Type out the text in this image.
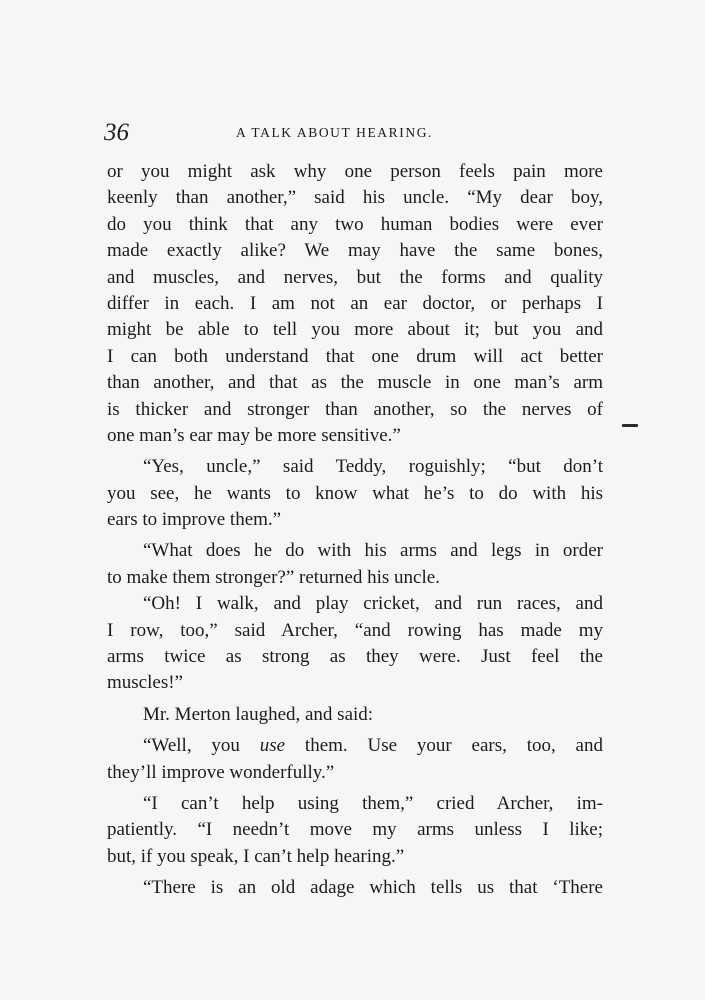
36	A TALK ABOUT HEARING.
or you might ask why one person feels pain more
keenly than another,” said his uncle. “My dear boy,
do you think that any two human bodies were ever
made exactly alike? We may have the same bones,
and muscles, and nerves, but the forms and quality
differ in each. I am not an ear doctor, or perhaps I
might be able to tell you more about it; but you and
I can both understand that one drum will act better
than another, and that as the muscle in one man’s arm
is thicker and stronger than another, so the nerves of
one man’s ear may be more sensitive.”
“Yes, uncle,” said Teddy, roguishly; “but don’t
you see, he wants to know what he’s to do with his
ears to improve them.”
“What does he do with his arms and legs in order
to make them stronger?” returned his uncle.
“Oh! I walk, and play cricket, and run races, and
I row, too,” said Archer, “and rowing has made my
arms twice as strong as they were. Just feel the
muscles!”
Mr. Merton laughed, and said:
“Well, you use them. Use your ears, too, and
they’ll improve wonderfully.”
“I can’t help using them,” cried Archer, im-
patiently. “I needn’t move my arms unless I like;
but, if you speak, I can’t help hearing.”
“There is an old adage which tells us that ‘There
